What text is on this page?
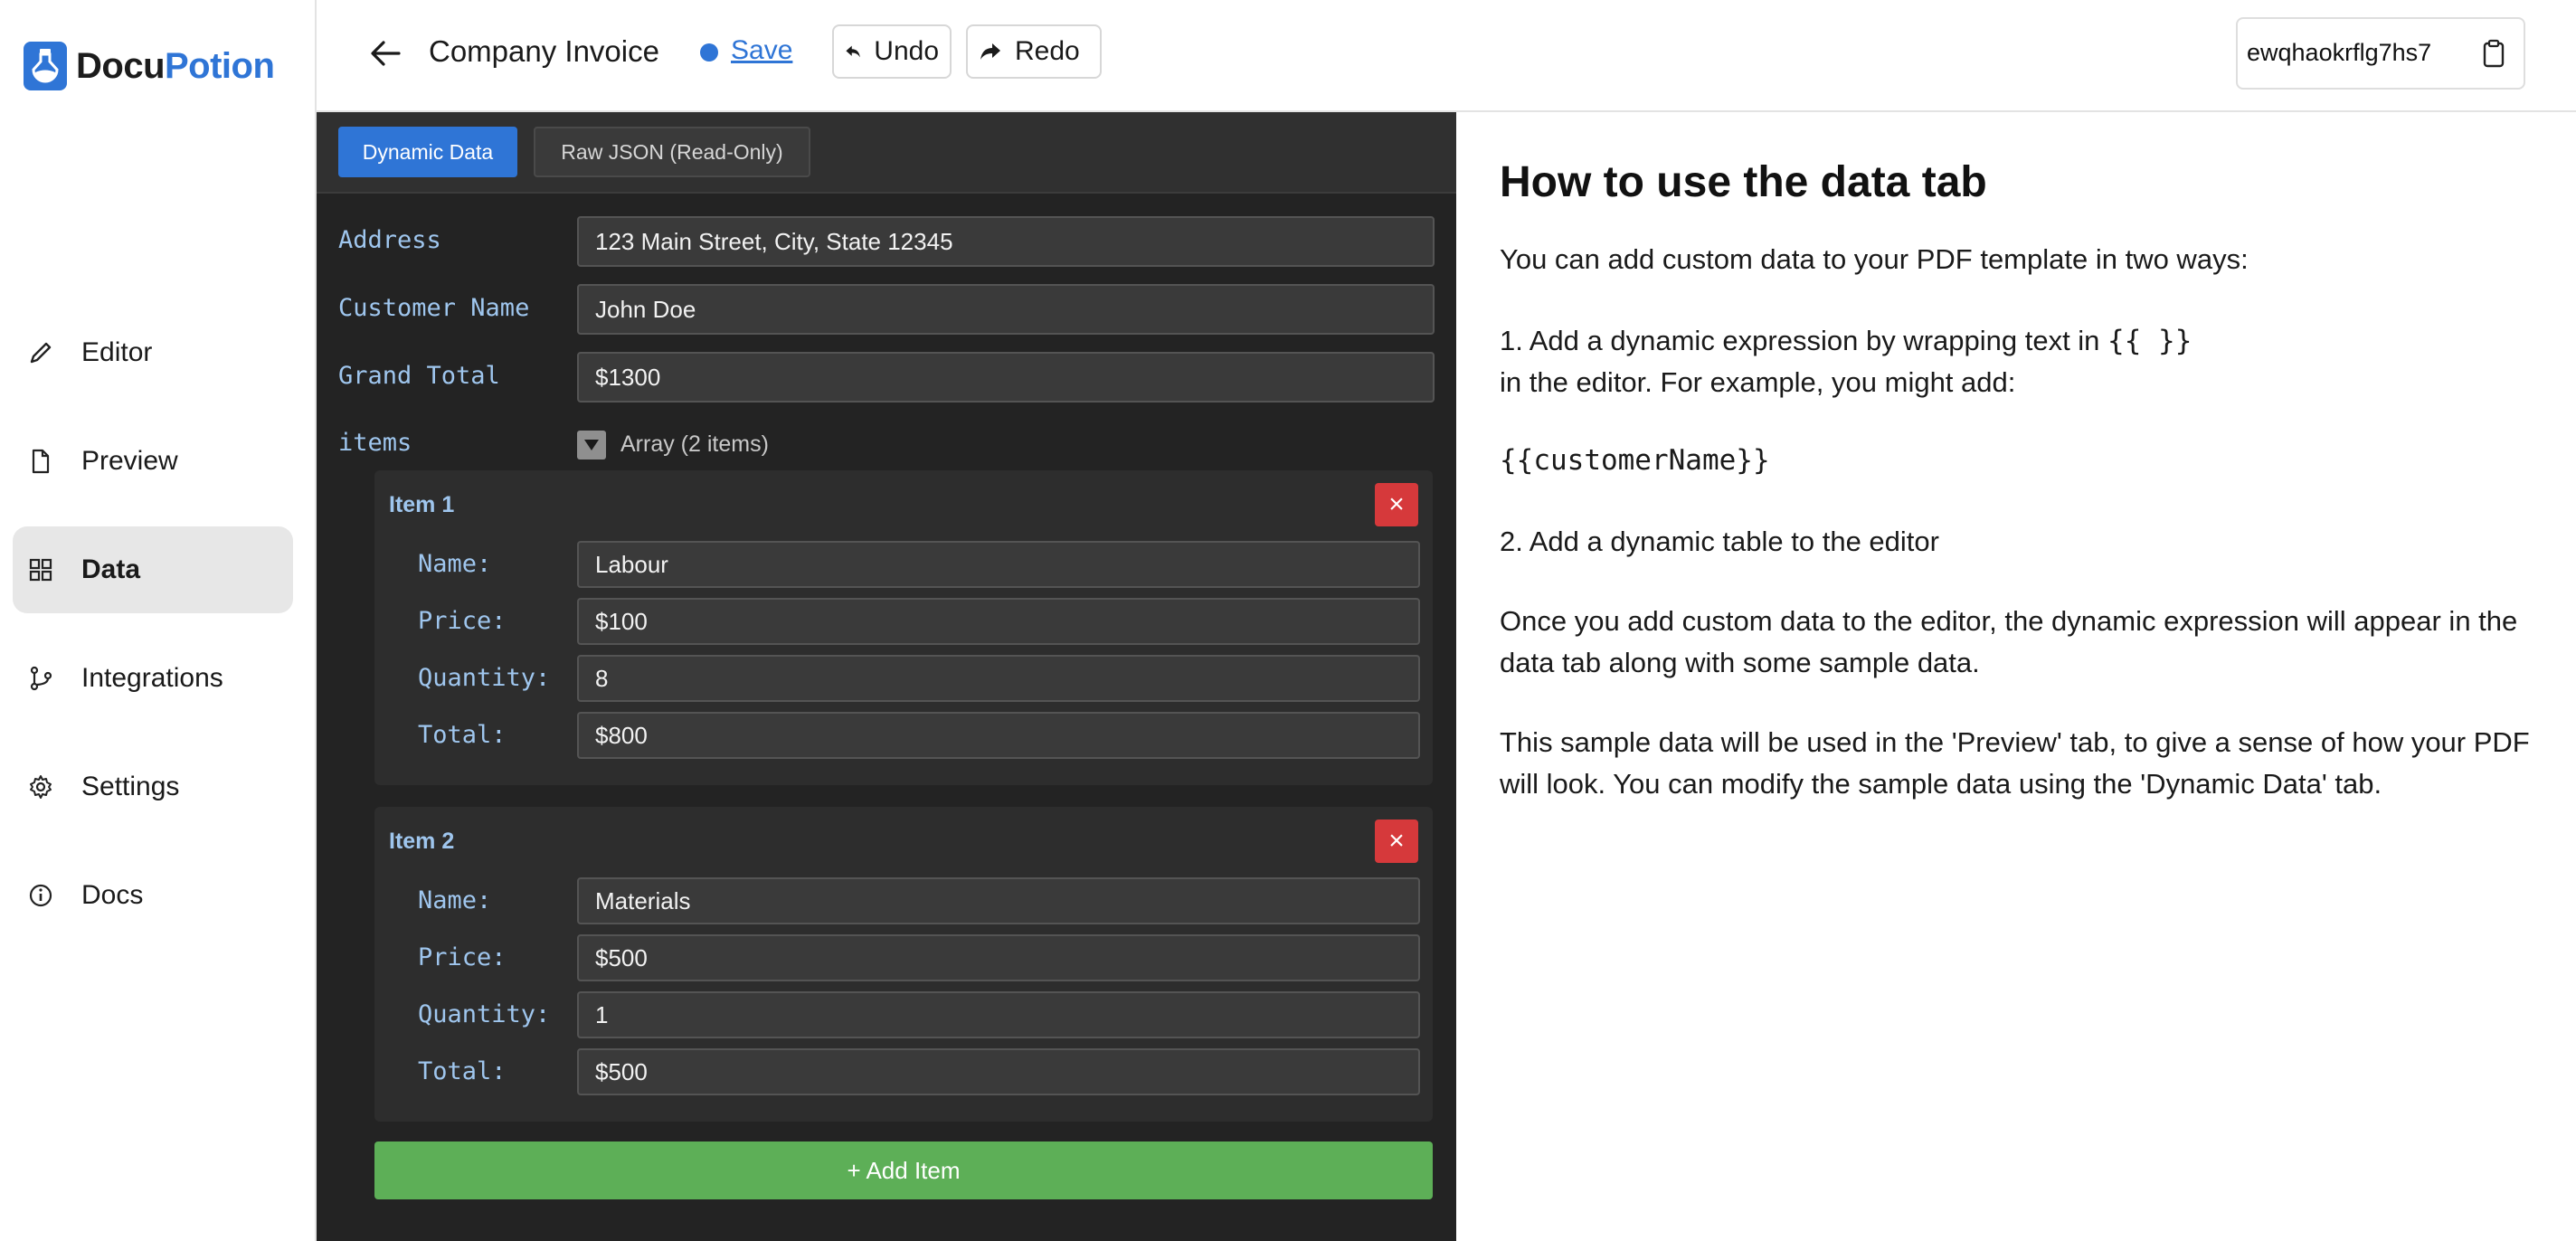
DocuPotion
Editor
Preview
Data
Integrations
Settings
Docs
Company Invoice	Save	Undo	Redo	ewqhaokrflg7hs7
Dynamic Data	Raw JSON (Read-Only)
Address	123 Main Street, City, State 12345
Customer Name	John Doe
Grand Total	$1300
items	Array (2 items)
Item 1	×
Name:	Labour
Price:	$100
Quantity:	8
Total:	$800
Item 2	×
Name:	Materials
Price:	$500
Quantity:	1
Total:	$500
+ Add Item
How to use the data tab
You can add custom data to your PDF template in two ways:
1. Add a dynamic expression by wrapping text in {{ }}
in the editor. For example, you might add:
{{customerName}}
2. Add a dynamic table to the editor
Once you add custom data to the editor, the dynamic expression will appear in the data tab along with some sample data.
This sample data will be used in the 'Preview' tab, to give a sense of how your PDF will look. You can modify the sample data using the 'Dynamic Data' tab.
